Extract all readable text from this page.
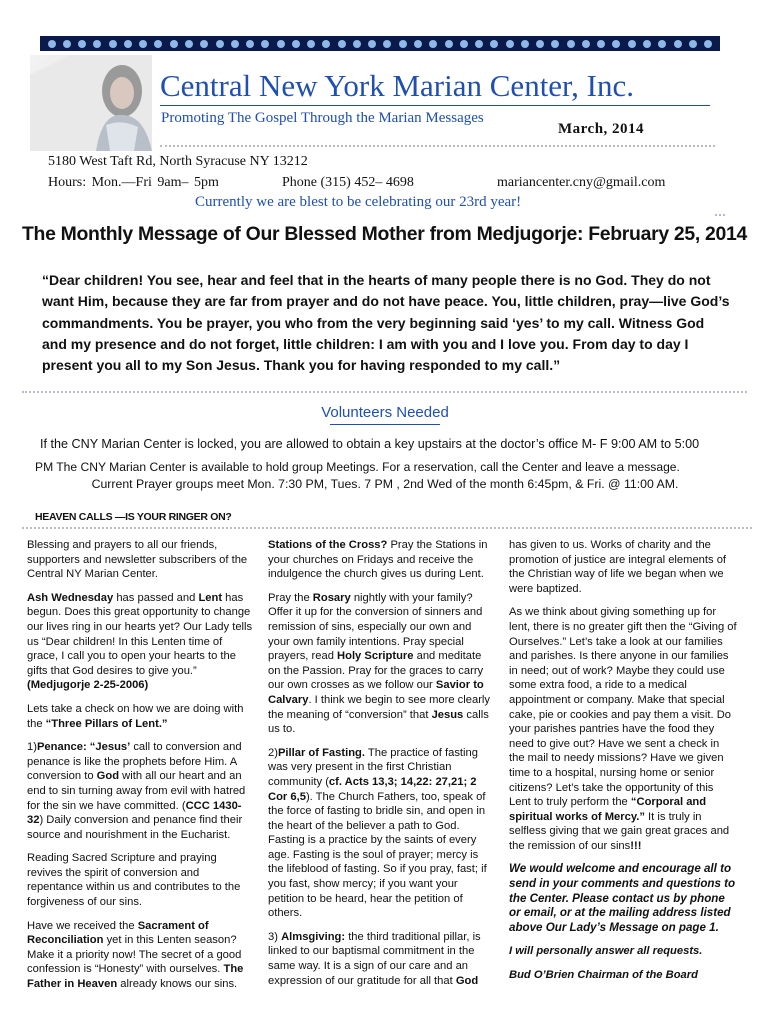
Central New York Marian Center, Inc.
Promoting The Gospel Through the Marian Messages
March, 2014
5180 West Taft Rd, North Syracuse NY 13212
Hours: Mon.—Fri 9am– 5pm	Phone (315) 452– 4698	mariancenter.cny@gmail.com
Currently we are blest to be celebrating our 23rd year!
The Monthly Message of Our Blessed Mother from Medjugorje: February 25, 2014
“Dear children! You see, hear and feel that in the hearts of many people there is no God. They do not want Him, because they are far from prayer and do not have peace. You, little children, pray—live God’s commandments. You be prayer, you who from the very beginning said ‘yes’ to my call. Witness God and my presence and do not forget, little children: I am with you and I love you. From day to day I present you all to my Son Jesus. Thank you for having responded to my call.”
Volunteers Needed
If the CNY Marian Center is locked, you are allowed to obtain a key upstairs at the doctor’s office M- F 9:00 AM to 5:00
PM The CNY Marian Center is available to hold group Meetings. For a reservation, call the Center and leave a message.
Current Prayer groups meet Mon. 7:30 PM, Tues. 7 PM , 2nd Wed of the month 6:45pm, & Fri. @ 11:00 AM.
HEAVEN CALLS —IS YOUR RINGER ON?

Blessing and prayers to all our friends, supporters and newsletter subscribers of the Central NY Marian Center.

Ash Wednesday has passed and Lent has begun. Does this great opportunity to change our lives ring in our hearts yet? Our Lady tells us “Dear children! In this Lenten time of grace, I call you to open your hearts to the gifts that God desires to give you.” (Medjugorje 2-25-2006)

Lets take a check on how we are doing with the “Three Pillars of Lent.”

1)Penance: “Jesus’ call to conversion and penance is like the prophets before Him. A conversion to God with all our heart and an end to sin turning away from evil with hatred for the sin we have committed. (CCC 1430-32) Daily conversion and penance find their source and nourishment in the Eucharist.

Reading Sacred Scripture and praying revives the spirit of conversion and repentance within us and contributes to the forgiveness of our sins.

Have we received the Sacrament of Reconciliation yet in this Lenten season? Make it a priority now! The secret of a good confession is “Honesty” with ourselves. The Father in Heaven already knows our sins.

Stations of the Cross? Pray the Stations in your churches on Fridays and receive the indulgence the church gives us during Lent.

Pray the Rosary nightly with your family? Offer it up for the conversion of sinners and remission of sins, especially our own and your own family intentions. Pray special prayers, read Holy Scripture and meditate on the Passion. Pray for the graces to carry our own crosses as we follow our Savior to Calvary. I think we begin to see more clearly the meaning of “conversion” that Jesus calls us to.

2)Pillar of Fasting. The practice of fasting was very present in the first Christian community (cf. Acts 13,3; 14,22: 27,21; 2 Cor 6,5). The Church Fathers, too, speak of the force of fasting to bridle sin, and open in the heart of the believer a path to God. Fasting is a practice by the saints of every age. Fasting is the soul of prayer; mercy is the lifeblood of fasting. So if you pray, fast; if you fast, show mercy; if you want your petition to be heard, hear the petition of others.

3) Almsgiving: the third traditional pillar, is linked to our baptismal commitment in the same way. It is a sign of our care and an expression of our gratitude for all that God

has given to us. Works of charity and the promotion of justice are integral elements of the Christian way of life we began when we were baptized.

As we think about giving something up for lent, there is no greater gift then the “Giving of Ourselves.” Let’s take a look at our families and parishes. Is there anyone in our families in need; out of work? Maybe they could use some extra food, a ride to a medical appointment or company. Make that special cake, pie or cookies and pay them a visit. Do your parishes pantries have the food they need to give out? Have we sent a check in the mail to needy missions? Have we given time to a hospital, nursing home or senior citizens? Let’s take the opportunity of this Lent to truly perform the “Corporal and spiritual works of Mercy.” It is truly in selfless giving that we gain great graces and the remission of our sins!!!

We would welcome and encourage all to send in your comments and questions to the Center. Please contact us by phone or email, or at the mailing address listed above Our Lady’s Message on page 1.

I will personally answer all requests.

Bud O’Brien Chairman of the Board
